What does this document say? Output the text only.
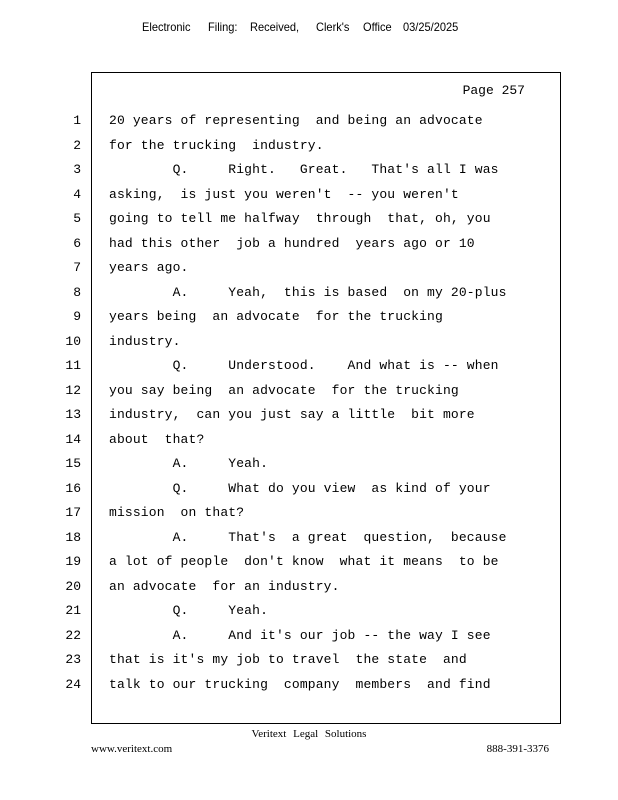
Electronic Filing: Received, Clerk's Office 03/25/2025
Page 257
1 20 years of representing  and being an advocate
2 for the trucking  industry.
3 Q.     Right.   Great.   That's all I was
4 asking,  is just you weren't  -- you weren't
5 going to tell me halfway  through  that, oh, you
6 had this other  job a hundred  years ago or 10
7 years ago.
8 A.     Yeah,  this is based  on my 20-plus
9 years being  an advocate  for the trucking
10 industry.
11 Q.     Understood.    And what is -- when
12 you say being  an advocate  for the trucking
13 industry,  can you just say a little  bit more
14 about  that?
15 A.     Yeah.
16 Q.     What do you view  as kind of your
17 mission  on that?
18 A.     That's  a great  question,  because
19 a lot of people  don't know  what it means  to be
20 an advocate  for an industry.
21 Q.     Yeah.
22 A.     And it's our job -- the way I see
23 that is it's my job to travel  the state  and
24 talk to our trucking  company  members  and find
Veritext Legal Solutions
www.veritext.com	888-391-3376
